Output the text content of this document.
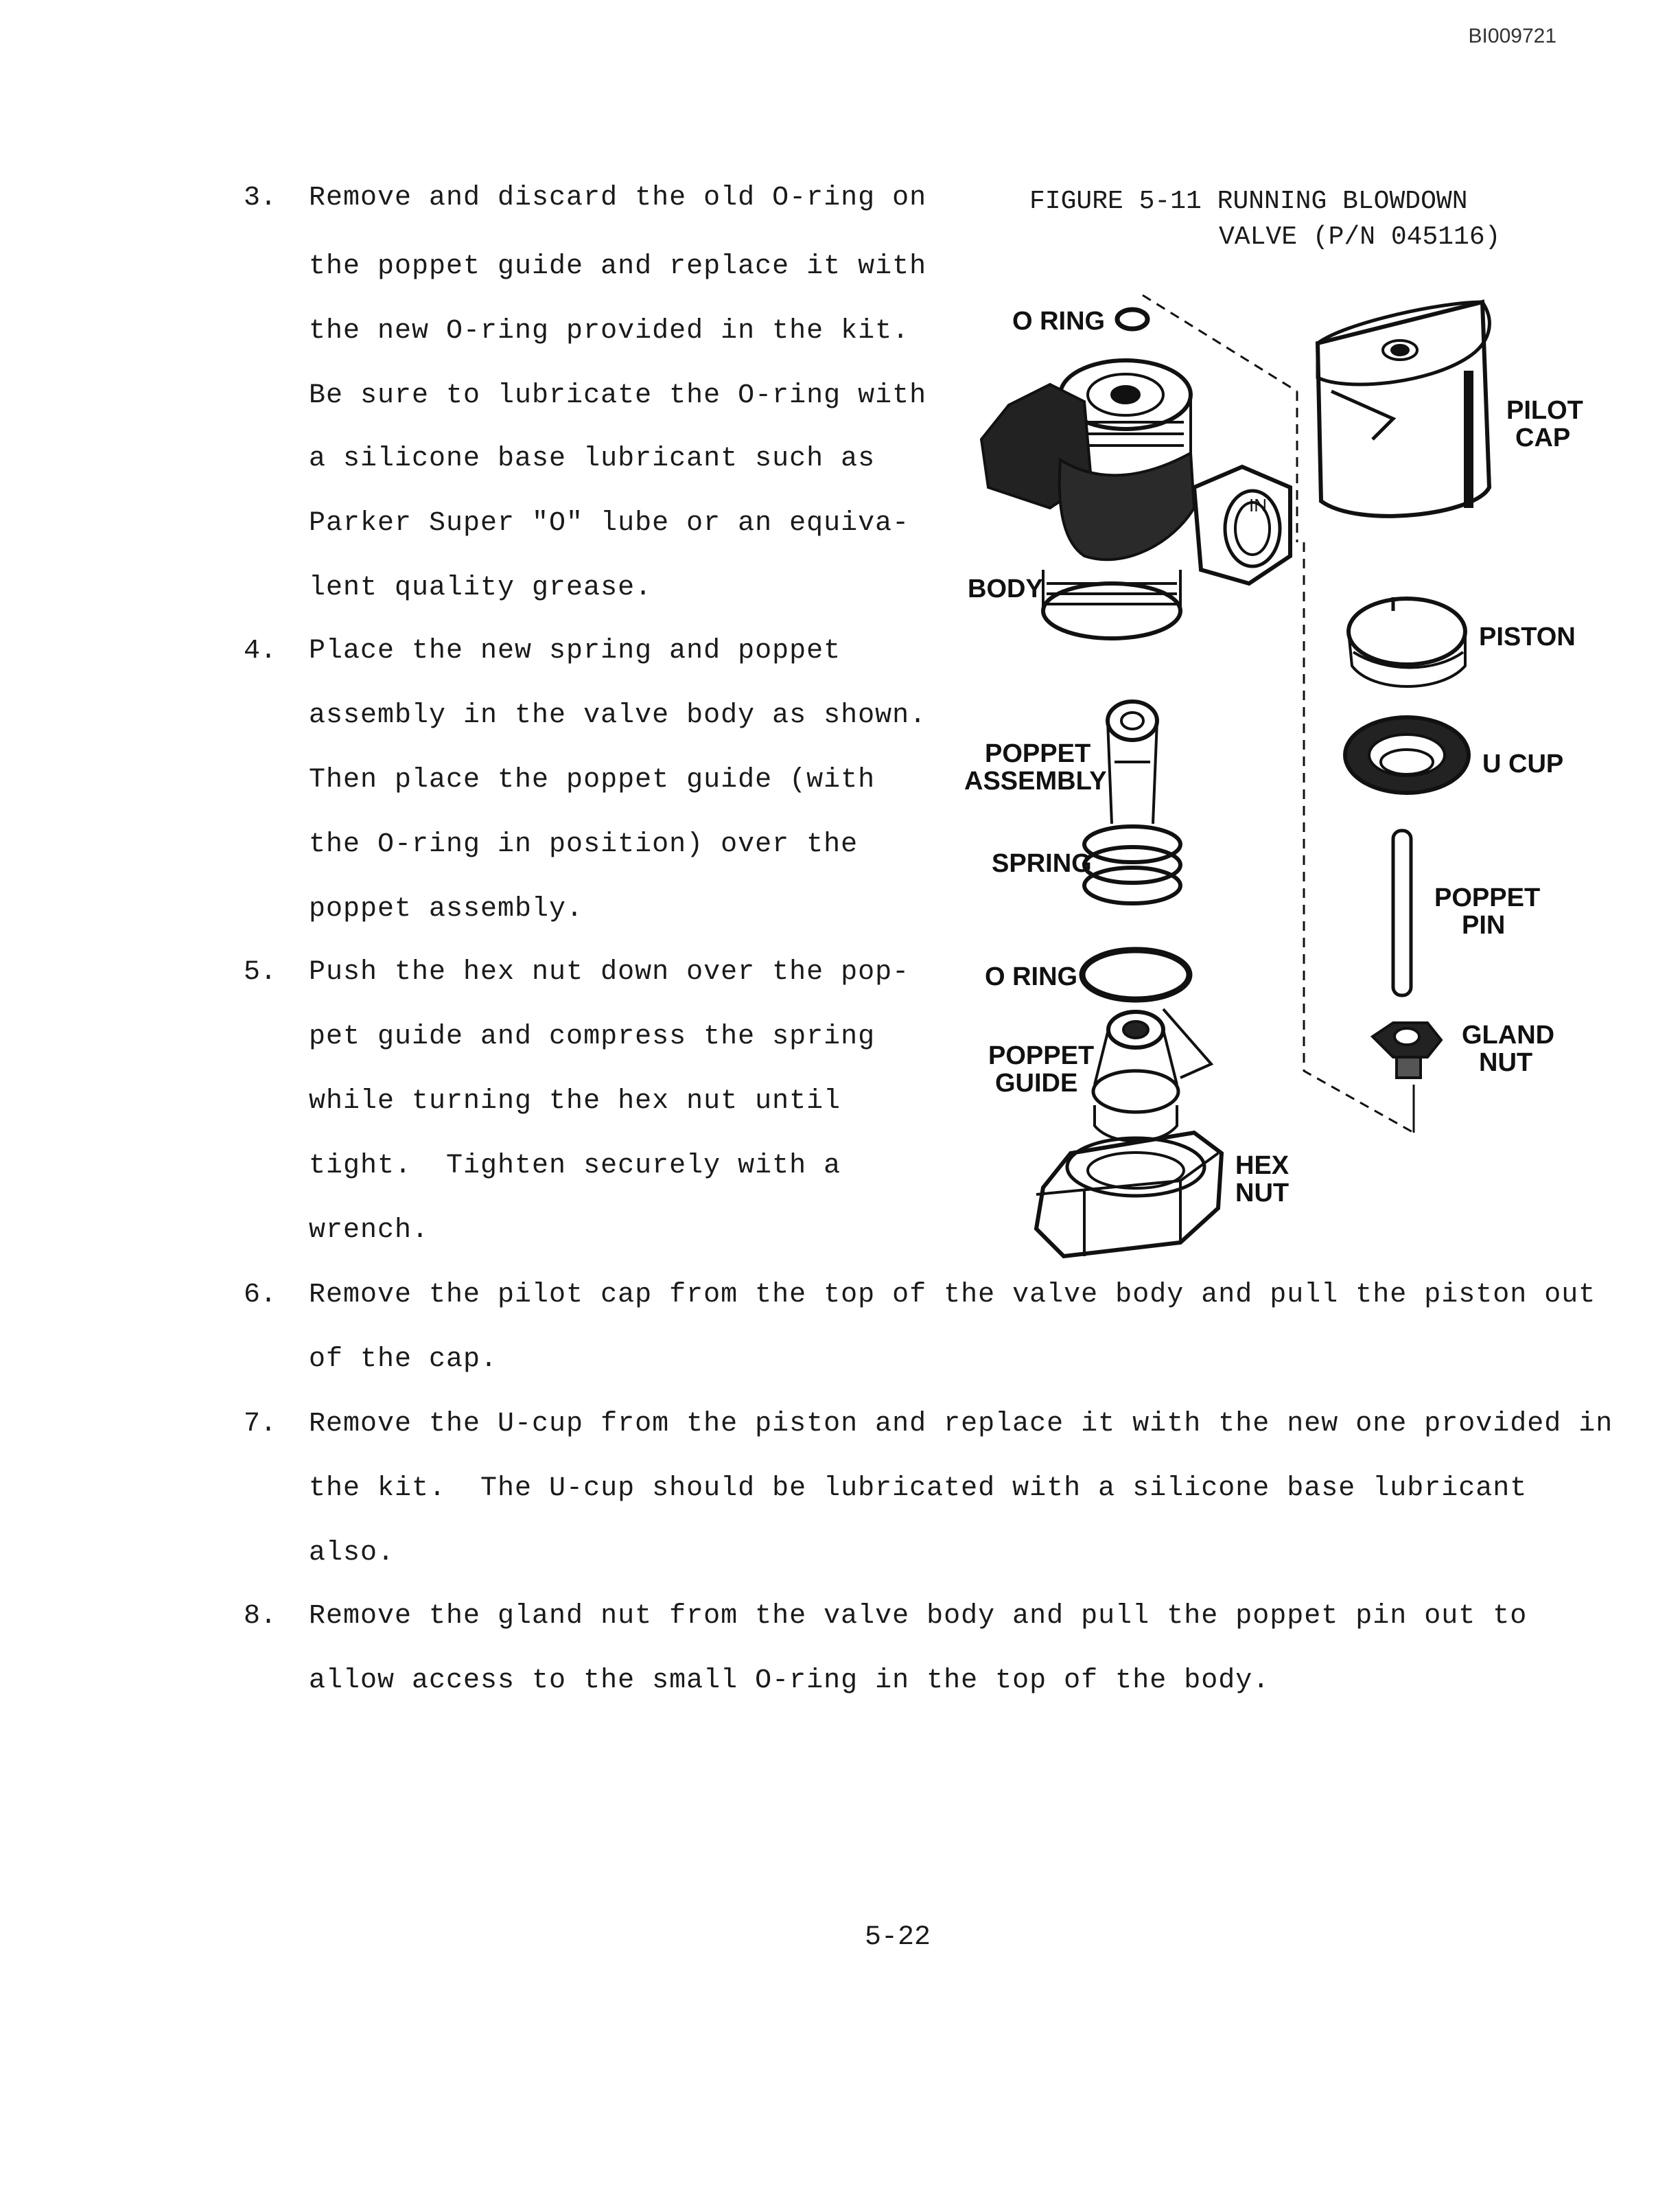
BI009721
3. Remove and discard the old O-ring on
the poppet guide and replace it with
the new O-ring provided in the kit.
Be sure to lubricate the O-ring with
a silicone base lubricant such as
Parker Super "O" lube or an equiva-
lent quality grease.
4. Place the new spring and poppet
assembly in the valve body as shown.
Then place the poppet guide (with
the O-ring in position) over the
poppet assembly.
5. Push the hex nut down over the pop-
pet guide and compress the spring
while turning the hex nut until
tight.  Tighten securely with a
wrench.
6. Remove the pilot cap from the top of the valve body and pull the piston out
of the cap.
7. Remove the U-cup from the piston and replace it with the new one provided in
the kit.  The U-cup should be lubricated with a silicone base lubricant
also.
8. Remove the gland nut from the valve body and pull the poppet pin out to
allow access to the small O-ring in the top of the body.
FIGURE 5-11 RUNNING BLOWDOWN
VALVE (P/N 045116)
IN
O RING
PILOT
CAP
BODY
PISTON
POPPET
ASSEMBLY
U CUP
SPRING
POPPET
PIN
O RING
GLAND
NUT
POPPET
GUIDE
HEX
NUT
5-22
